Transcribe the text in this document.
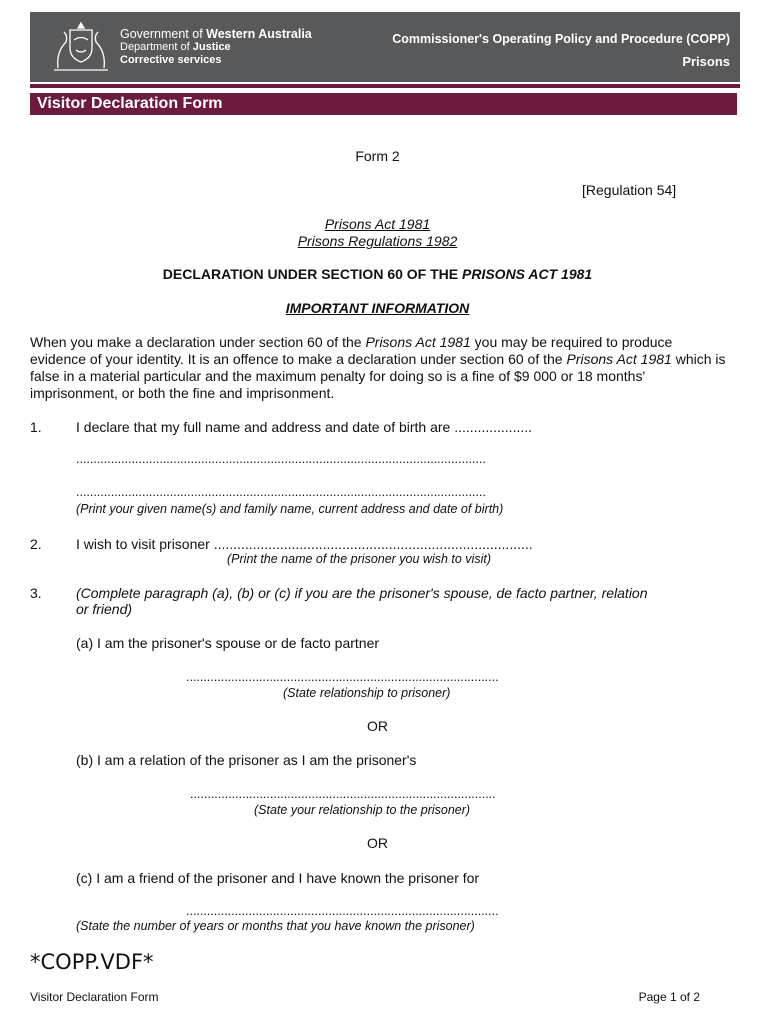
Government of Western Australia
Department of Justice
Corrective services
Commissioner's Operating Policy and Procedure (COPP)
Prisons
Visitor Declaration Form
Form 2
[Regulation 54]
Prisons Act 1981
Prisons Regulations 1982
DECLARATION UNDER SECTION 60 OF THE PRISONS ACT 1981
IMPORTANT INFORMATION
When you make a declaration under section 60 of the Prisons Act 1981 you may be required to produce evidence of your identity. It is an offence to make a declaration under section 60 of the Prisons Act 1981 which is false in a material particular and the maximum penalty for doing so is a fine of $9 000 or 18 months' imprisonment, or both the fine and imprisonment.
1. I declare that my full name and address and date of birth are ....................
......................................................................................................................
......................................................................................................................
(Print your given name(s) and family name, current address and date of birth)
2. I wish to visit prisoner ..................................................................................
(Print the name of the prisoner you wish to visit)
3. (Complete paragraph (a), (b) or (c) if you are the prisoner's spouse, de facto partner, relation
or friend)
(a) I am the prisoner's spouse or de facto partner
..........................................................................................
(State relationship to prisoner)
OR
(b) I am a relation of the prisoner as I am the prisoner's
........................................................................................
(State your relationship to the prisoner)
OR
(c) I am a friend of the prisoner and I have known the prisoner for
..........................................................................................
(State the number of years or months that you have known the prisoner)
*COPP.VDF*
Visitor Declaration Form	Page 1 of 2
